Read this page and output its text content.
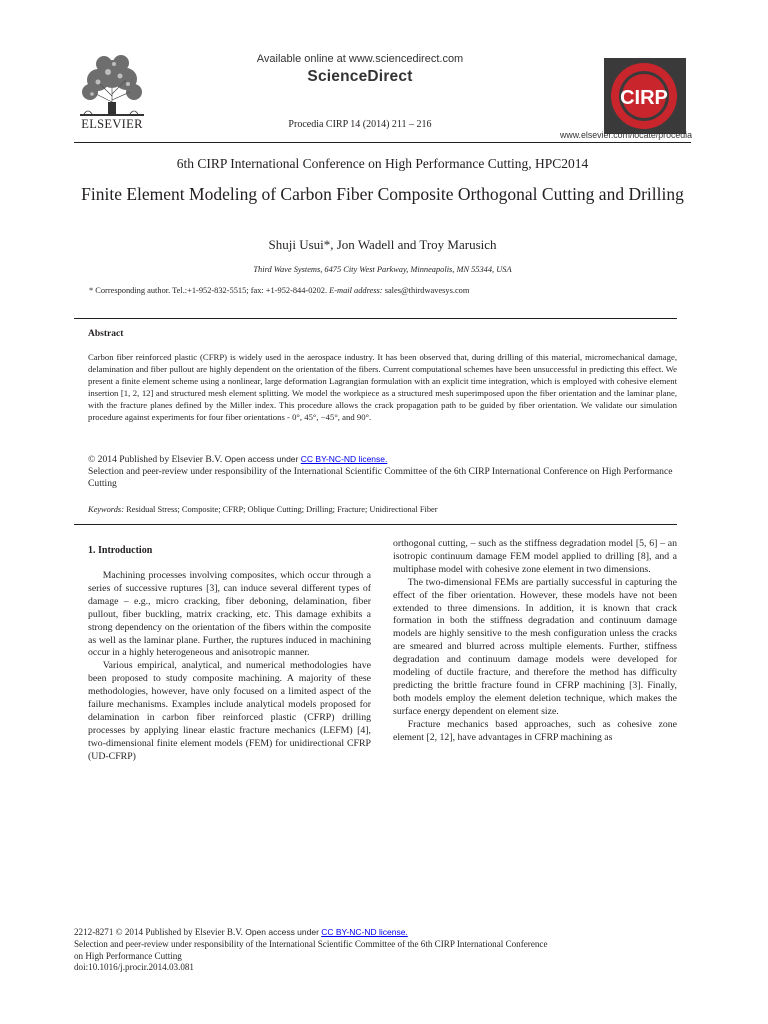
ELSEVIER
Available online at www.sciencedirect.com
ScienceDirect
Procedia CIRP 14 (2014) 211 – 216
CIRP
www.elsevier.com/locate/procedia
6th CIRP International Conference on High Performance Cutting, HPC2014
Finite Element Modeling of Carbon Fiber Composite Orthogonal Cutting and Drilling
Shuji Usui*, Jon Wadell and Troy Marusich
Third Wave Systems, 6475 City West Parkway, Minneapolis, MN 55344, USA
* Corresponding author. Tel.:+1-952-832-5515; fax: +1-952-844-0202. E-mail address: sales@thirdwavesys.com
Abstract
Carbon fiber reinforced plastic (CFRP) is widely used in the aerospace industry. It has been observed that, during drilling of this material, micromechanical damage, delamination and fiber pullout are highly dependent on the orientation of the fibers. Current computational schemes have been unsuccessful in predicting this effect. We present a finite element scheme using a nonlinear, large deformation Lagrangian formulation with an explicit time integration, which is employed with cohesive element insertion [1, 2, 12] and structured mesh element splitting. We model the workpiece as a structured mesh superimposed upon the fiber orientation and the laminar plane, with the fracture planes defined by the Miller index. This procedure allows the crack propagation path to be guided by fiber orientation. We validate our simulation procedure against experiments for four fiber orientations - 0°, 45°, −45°, and 90°.
© 2014 Published by Elsevier B.V. Open access under CC BY-NC-ND license.
Selection and peer-review under responsibility of the International Scientific Committee of the 6th CIRP International Conference on High Performance Cutting
Keywords: Residual Stress; Composite; CFRP; Oblique Cutting; Drilling; Fracture; Unidirectional Fiber
1. Introduction

Machining processes involving composites, which occur through a series of successive ruptures [3], can induce several different types of damage – e.g., micro cracking, fiber deboning, delamination, fiber pullout, fiber buckling, matrix cracking, etc. This damage exhibits a strong dependency on the orientation of the fibers within the composite as well as the laminar plane. Further, the ruptures induced in machining occur in a highly heterogeneous and anisotropic manner.

Various empirical, analytical, and numerical methodologies have been proposed to study composite machining. A majority of these methodologies, however, have only focused on a limited aspect of the failure mechanisms. Examples include analytical models proposed for delamination in carbon fiber reinforced plastic (CFRP) drilling processes by applying linear elastic fracture mechanics (LEFM) [4], two-dimensional finite element models (FEM) for unidirectional CFRP (UD-CFRP)

orthogonal cutting, – such as the stiffness degradation model [5, 6] – an isotropic continuum damage FEM model applied to drilling [8], and a multiphase model with cohesive zone element in two dimensions.

The two-dimensional FEMs are partially successful in capturing the effect of the fiber orientation. However, these models have not been extended to three dimensions. In addition, it is known that crack formation in both the stiffness degradation and continuum damage models are highly sensitive to the mesh configuration unless the cracks are smeared and blurred across multiple elements. Further, stiffness degradation and continuum damage models were developed for modeling of ductile fracture, and therefore the method has difficulty predicting the brittle fracture found in CFRP machining [3]. Finally, both models employ the element deletion technique, which makes the surface energy dependent on element size.

Fracture mechanics based approaches, such as cohesive zone element [2, 12], have advantages in CFRP machining as

2212-8271 © 2014 Published by Elsevier B.V. Open access under CC BY-NC-ND license.
Selection and peer-review under responsibility of the International Scientific Committee of the 6th CIRP International Conference
on High Performance Cutting
doi:10.1016/j.procir.2014.03.081
